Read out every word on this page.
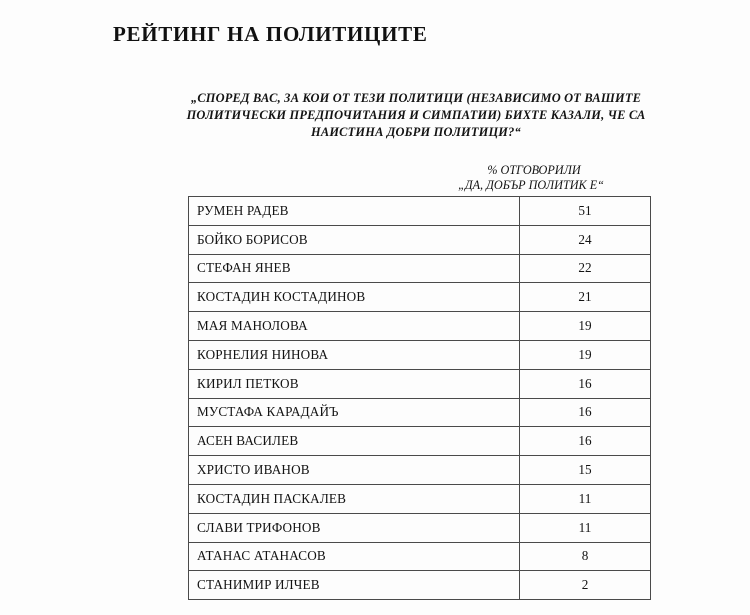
РЕЙТИНГ НА ПОЛИТИЦИТЕ
„СПОРЕД ВАС, ЗА КОИ ОТ ТЕЗИ ПОЛИТИЦИ (НЕЗАВИСИМО ОТ ВАШИТЕ
ПОЛИТИЧЕСКИ ПРЕДПОЧИТАНИЯ И СИМПАТИИ) БИХТЕ КАЗАЛИ, ЧЕ СА
НАИСТИНА ДОБРИ ПОЛИТИЦИ?“
% ОТГОВОРИЛИ
„ДА, ДОБЪР ПОЛИТИК Е“
РУМЕН РАДЕВ	51
БОЙКО БОРИСОВ	24
СТЕФАН ЯНЕВ	22
КОСТАДИН КОСТАДИНОВ	21
МАЯ МАНОЛОВА	19
КОРНЕЛИЯ НИНОВА	19
КИРИЛ ПЕТКОВ	16
МУСТАФА КАРАДАЙЪ	16
АСЕН ВАСИЛЕВ	16
ХРИСТО ИВАНОВ	15
КОСТАДИН ПАСКАЛЕВ	11
СЛАВИ ТРИФОНОВ	11
АТАНАС АТАНАСОВ	8
СТАНИМИР ИЛЧЕВ	2
